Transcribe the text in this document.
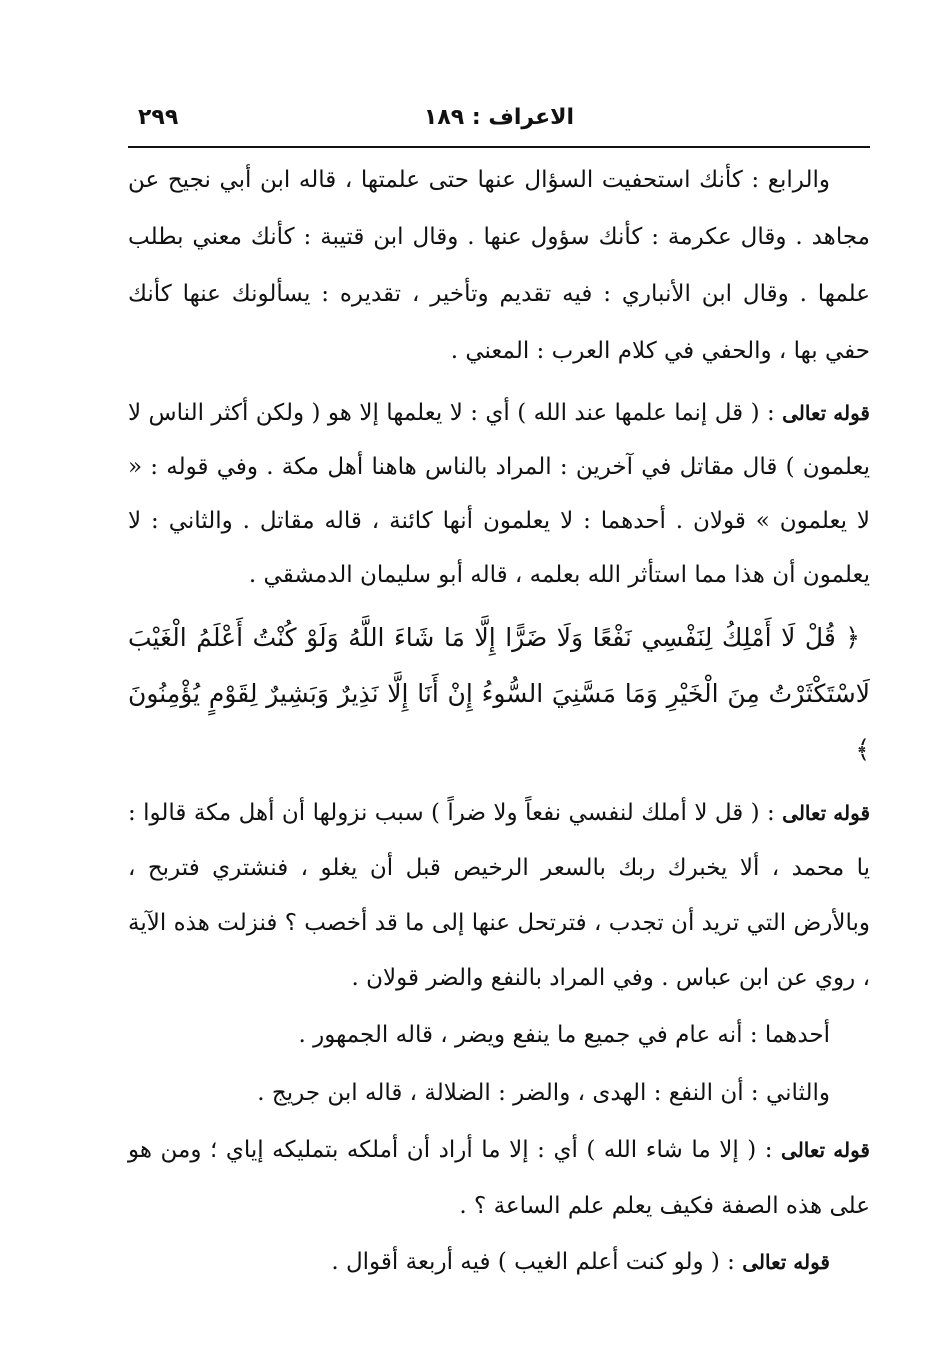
الاعراف : ١٨٩
٢٩٩

والرابع : كأنك استحفيت السؤال عنها حتى علمتها ، قاله ابن أبي نجيح عن مجاهد . وقال عكرمة : كأنك سؤول عنها . وقال ابن قتيبة : كأنك معني بطلب علمها . وقال ابن الأنباري : فيه تقديم وتأخير ، تقديره : يسألونك عنها كأنك حفي بها ، والحفي في كلام العرب : المعني .

قوله تعالى : ( قل إنما علمها عند الله ) أي : لا يعلمها إلا هو ( ولكن أكثر الناس لا يعلمون ) قال مقاتل في آخرين : المراد بالناس هاهنا أهل مكة . وفي قوله : « لا يعلمون » قولان . أحدهما : لا يعلمون أنها كائنة ، قاله مقاتل . والثاني : لا يعلمون أن هذا مما استأثر الله بعلمه ، قاله أبو سليمان الدمشقي .

﴿ قُلْ لَا أَمْلِكُ لِنَفْسِي نَفْعًا وَلَا ضَرًّا إِلَّا مَا شَاءَ اللَّهُ وَلَوْ كُنْتُ أَعْلَمُ الْغَيْبَ لَاسْتَكْثَرْتُ مِنَ الْخَيْرِ وَمَا مَسَّنِيَ السُّوءُ إِنْ أَنَا إِلَّا نَذِيرٌ وَبَشِيرٌ لِقَوْمٍ يُؤْمِنُونَ ﴾

قوله تعالى : ( قل لا أملك لنفسي نفعاً ولا ضراً ) سبب نزولها أن أهل مكة قالوا : يا محمد ، ألا يخبرك ربك بالسعر الرخيص قبل أن يغلو ، فنشتري فتربح ، وبالأرض التي تريد أن تجدب ، فترتحل عنها إلى ما قد أخصب ؟ فنزلت هذه الآية ، روي عن ابن عباس . وفي المراد بالنفع والضر قولان .

أحدهما : أنه عام في جميع ما ينفع ويضر ، قاله الجمهور .

والثاني : أن النفع : الهدى ، والضر : الضلالة ، قاله ابن جريج .

قوله تعالى : ( إلا ما شاء الله ) أي : إلا ما أراد أن أملكه بتمليكه إياي ؛ ومن هو على هذه الصفة فكيف يعلم علم الساعة ؟ .

قوله تعالى : ( ولو كنت أعلم الغيب ) فيه أربعة أقوال .
